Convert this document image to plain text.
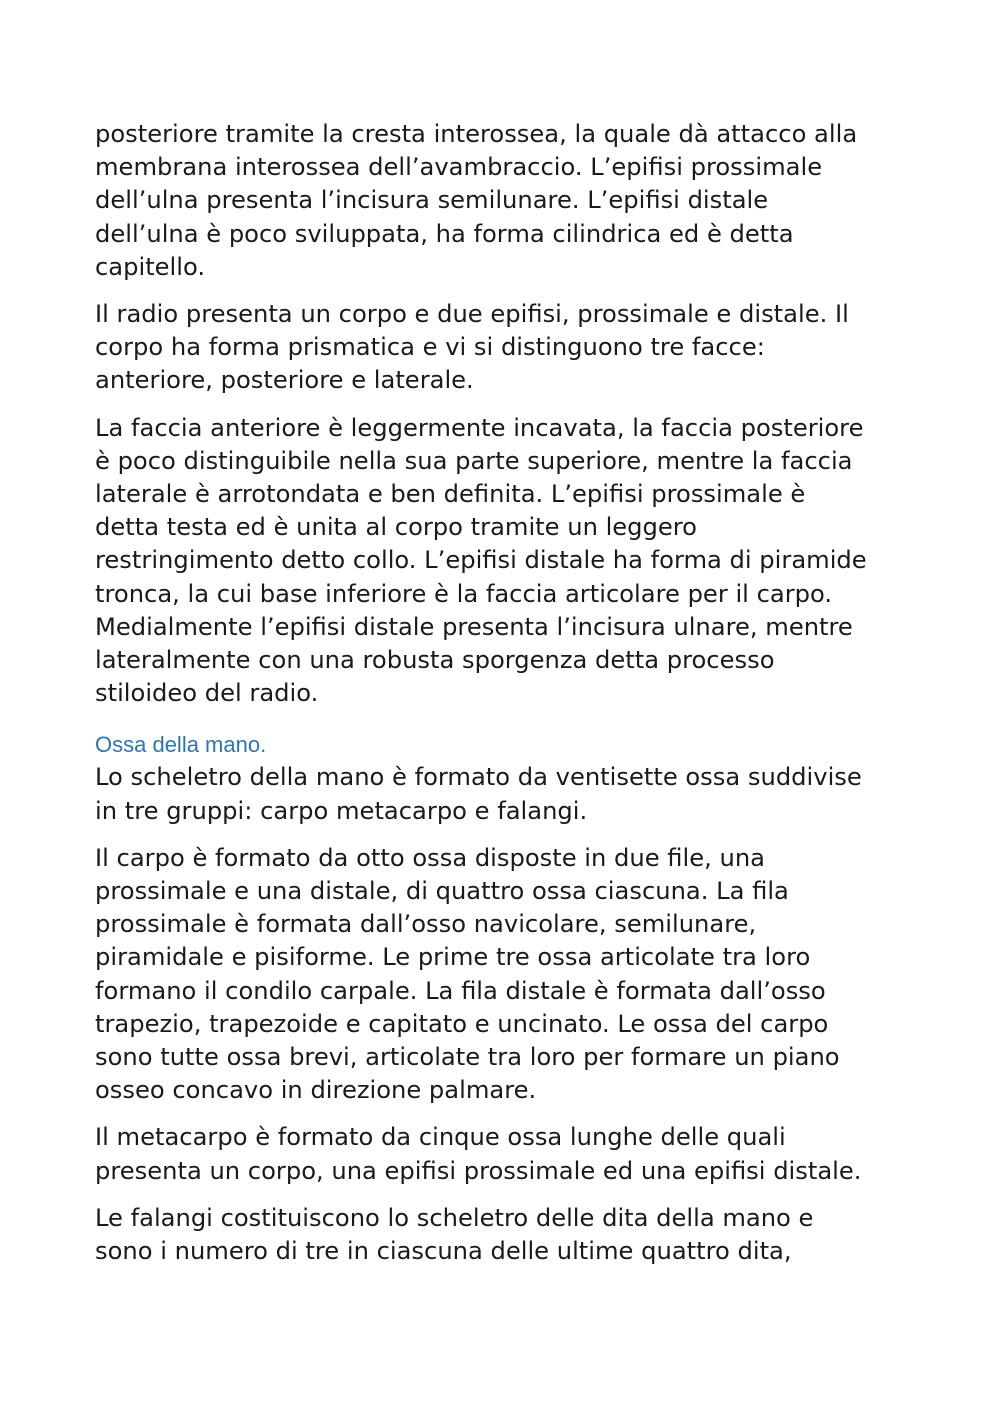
posteriore tramite la cresta interossea, la quale dà attacco alla
membrana interossea dell’avambraccio. L’epifisi prossimale
dell’ulna presenta l’incisura semilunare. L’epifisi distale
dell’ulna è poco sviluppata, ha forma cilindrica ed è detta
capitello.

Il radio presenta un corpo e due epifisi, prossimale e distale. Il
corpo ha forma prismatica e vi si distinguono tre facce:
anteriore, posteriore e laterale.

La faccia anteriore è leggermente incavata, la faccia posteriore
è poco distinguibile nella sua parte superiore, mentre la faccia
laterale è arrotondata e ben definita. L’epifisi prossimale è
detta testa ed è unita al corpo tramite un leggero
restringimento detto collo. L’epifisi distale ha forma di piramide
tronca, la cui base inferiore è la faccia articolare per il carpo.
Medialmente l’epifisi distale presenta l’incisura ulnare, mentre
lateralmente con una robusta sporgenza detta processo
stiloideo del radio.

Ossa della mano.

Lo scheletro della mano è formato da ventisette ossa suddivise
in tre gruppi: carpo metacarpo e falangi.

Il carpo è formato da otto ossa disposte in due file, una
prossimale e una distale, di quattro ossa ciascuna. La fila
prossimale è formata dall’osso navicolare, semilunare,
piramidale e pisiforme. Le prime tre ossa articolate tra loro
formano il condilo carpale. La fila distale è formata dall’osso
trapezio, trapezoide e capitato e uncinato. Le ossa del carpo
sono tutte ossa brevi, articolate tra loro per formare un piano
osseo concavo in direzione palmare.

Il metacarpo è formato da cinque ossa lunghe delle quali
presenta un corpo, una epifisi prossimale ed una epifisi distale.

Le falangi costituiscono lo scheletro delle dita della mano e
sono i numero di tre in ciascuna delle ultime quattro dita,
